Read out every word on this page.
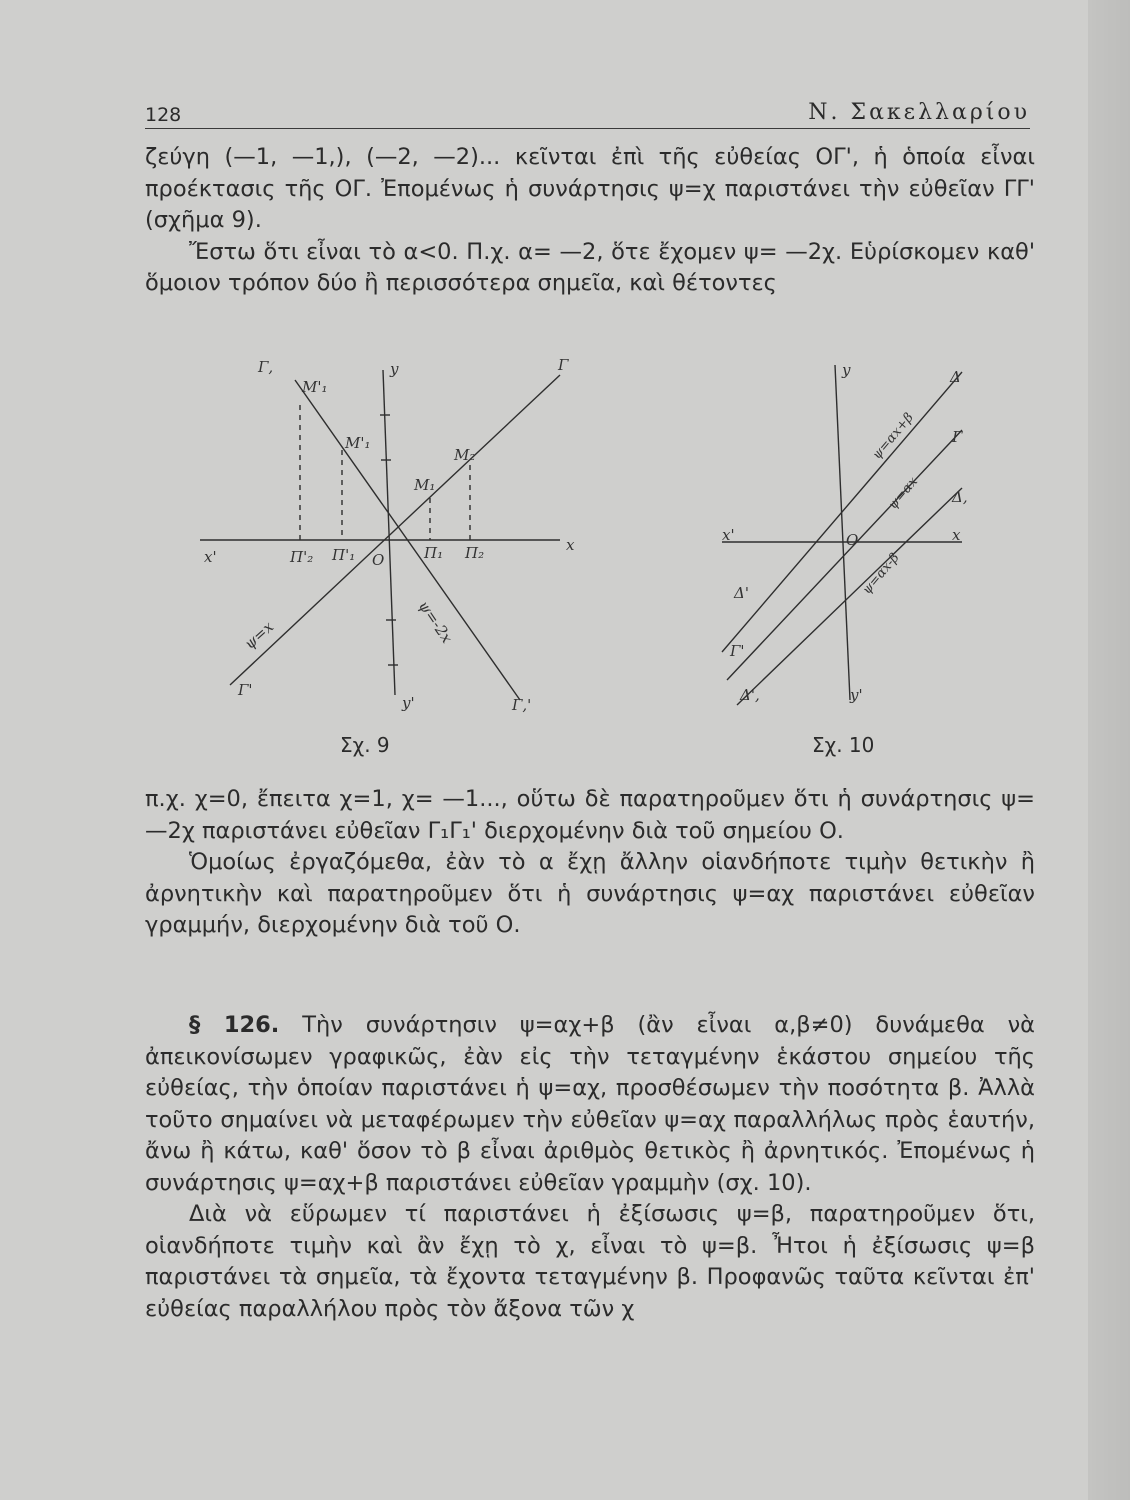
128	Ν. Σακελλαρίου

ζεύγη (—1, —1,), (—2, —2)... κεῖνται ἐπὶ τῆς εὐθείας ΟΓ', ἡ ὁποία εἶναι προέκτασις τῆς ΟΓ. Ἐπομένως ἡ συνάρτησις ψ=χ παριστάνει τὴν εὐθεῖαν ΓΓ' (σχῆμα 9).

Ἔστω ὅτι εἶναι τὸ α<0. Π.χ. α= —2, ὅτε ἔχομεν ψ= —2χ. Εὑρίσκομεν καθ' ὅμοιον τρόπον δύο ἢ περισσότερα σημεῖα, καὶ θέτοντες

Γ,
Μ'₁
y	Γ
Μ'₁
Μ₂
Μ₁
x'	Π'₂ Π'₁ O	Π₁ Π₂	x
ψ=x	ψ=-2x
Γ'
y'	Γ,'
Σχ. 9
y	Δ
Γ
Δ,
x'	O	x
Δ'
Γ'
Δ',	y'
ψ=αx+β
ψ=αx
ψ=αx-β
Σχ. 10

π.χ. χ=0, ἔπειτα χ=1, χ= —1..., οὕτω δὲ παρατηροῦμεν ὅτι ἡ συνάρτησις ψ= —2χ παριστάνει εὐθεῖαν Γ₁Γ₁' διερχομένην διὰ τοῦ σημείου Ο.

Ὁμοίως ἐργαζόμεθα, ἐὰν τὸ α ἔχῃ ἄλλην οἱανδήποτε τιμὴν θετικὴν ἢ ἀρνητικὴν καὶ παρατηροῦμεν ὅτι ἡ συνάρτησις ψ=αχ παριστάνει εὐθεῖαν γραμμήν, διερχομένην διὰ τοῦ Ο.

§ 126. Τὴν συνάρτησιν ψ=αχ+β (ἂν εἶναι α,β≠0) δυνάμεθα νὰ ἀπεικονίσωμεν γραφικῶς, ἐὰν εἰς τὴν τεταγμένην ἑκάστου σημείου τῆς εὐθείας, τὴν ὁποίαν παριστάνει ἡ ψ=αχ, προσθέσωμεν τὴν ποσότητα β. Ἀλλὰ τοῦτο σημαίνει νὰ μεταφέρωμεν τὴν εὐθεῖαν ψ=αχ παραλλήλως πρὸς ἑαυτήν, ἄνω ἢ κάτω, καθ' ὅσον τὸ β εἶναι ἀριθμὸς θετικὸς ἢ ἀρνητικός. Ἐπομένως ἡ συνάρτησις ψ=αχ+β παριστάνει εὐθεῖαν γραμμὴν (σχ. 10).

Διὰ νὰ εὕρωμεν τί παριστάνει ἡ ἐξίσωσις ψ=β, παρατηροῦμεν ὅτι, οἱανδήποτε τιμὴν καὶ ἂν ἔχῃ τὸ χ, εἶναι τὸ ψ=β. Ἦτοι ἡ ἐξίσωσις ψ=β παριστάνει τὰ σημεῖα, τὰ ἔχοντα τεταγμένην β. Προφανῶς ταῦτα κεῖνται ἐπ' εὐθείας παραλλήλου πρὸς τὸν ἄξονα τῶν χ
